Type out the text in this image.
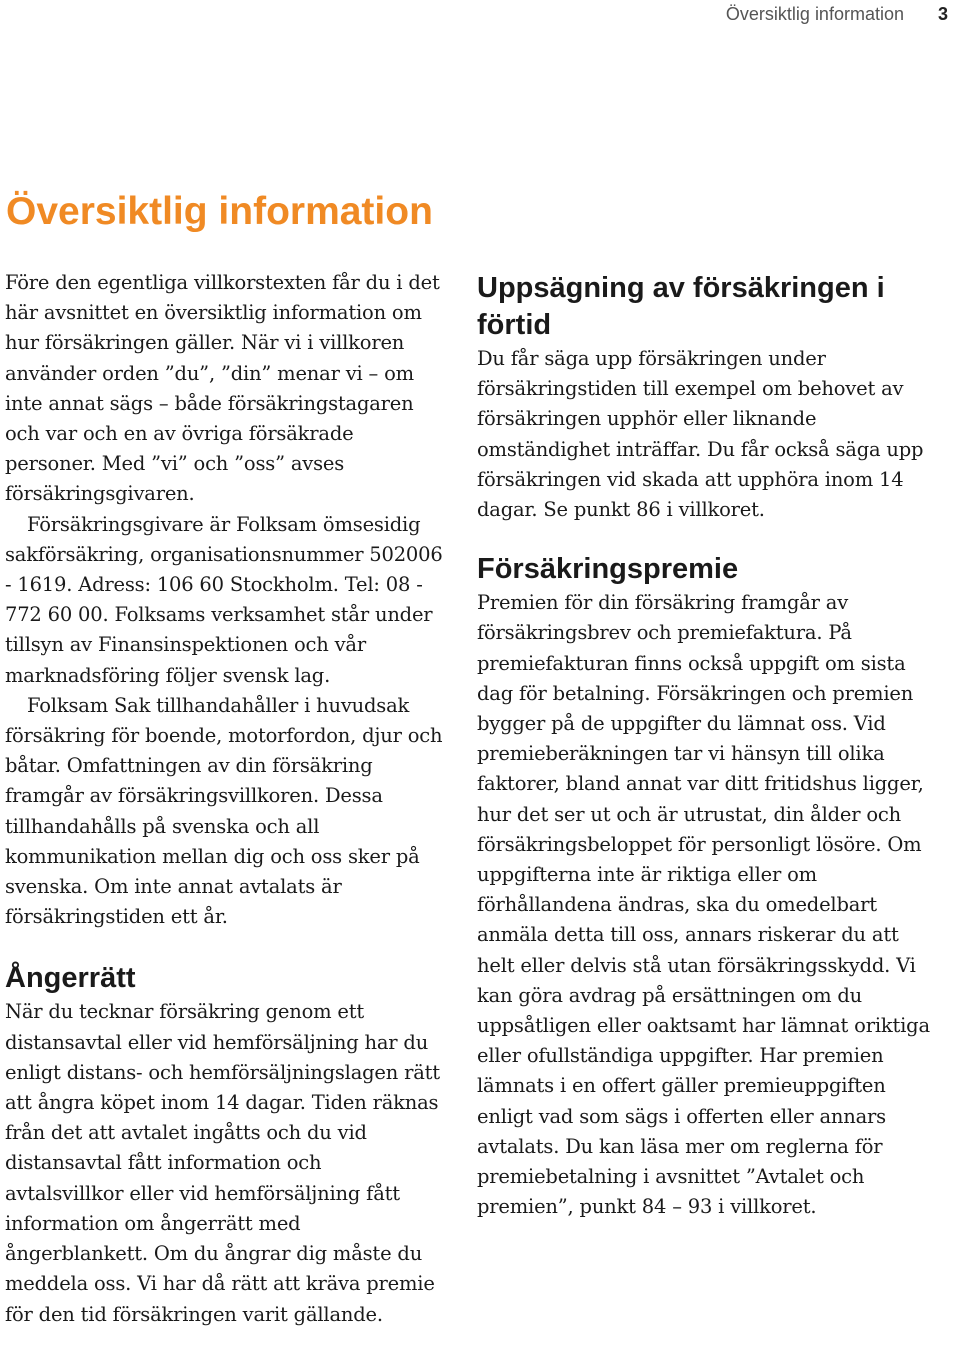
Översiktlig information 3
Översiktlig information

Före den egentliga villkorstexten får du i det här avsnittet en översiktlig information om hur försäkringen gäller. När vi i villkoren använder orden ”du”, ”din” menar vi – om inte annat sägs – både försäkringstagaren och var och en av övriga försäkrade personer. Med ”vi” och ”oss” avses försäkringsgivaren.

Försäkringsgivare är Folksam ömsesidig sakförsäkring, organisationsnummer 502006 - 1619. Adress: 106 60 Stockholm. Tel: 08 - 772 60 00. Folksams verksamhet står under tillsyn av Finansinspektionen och vår marknadsföring följer svensk lag.

Folksam Sak tillhandahåller i huvudsak försäkring för boende, motorfordon, djur och båtar. Omfattningen av din försäkring framgår av försäkringsvillkoren. Dessa tillhandahålls på svenska och all kommunikation mellan dig och oss sker på svenska. Om inte annat avtalats är försäkringstiden ett år.

Ångerrätt

När du tecknar försäkring genom ett distansavtal eller vid hemförsäljning har du enligt distans- och hemförsäljningslagen rätt att ångra köpet inom 14 dagar. Tiden räknas från det att avtalet ingåtts och du vid distansavtal fått information och avtalsvillkor eller vid hemförsäljning fått information om ångerrätt med ångerblankett. Om du ångrar dig måste du meddela oss. Vi har då rätt att kräva premie för den tid försäkringen varit gällande.

Uppsägning av försäkringen i förtid

Du får säga upp försäkringen under försäkringstiden till exempel om behovet av försäkringen upphör eller liknande omständighet inträffar. Du får också säga upp försäkringen vid skada att upphöra inom 14 dagar. Se punkt 86 i villkoret.

Försäkringspremie

Premien för din försäkring framgår av försäkringsbrev och premiefaktura. På premiefakturan finns också uppgift om sista dag för betalning. Försäkringen och premien bygger på de uppgifter du lämnat oss. Vid premieberäkningen tar vi hänsyn till olika faktorer, bland annat var ditt fritidshus ligger, hur det ser ut och är utrustat, din ålder och försäkringsbeloppet för personligt lösöre. Om uppgifterna inte är riktiga eller om förhållandena ändras, ska du omedelbart anmäla detta till oss, annars riskerar du att helt eller delvis stå utan försäkringsskydd. Vi kan göra avdrag på ersättningen om du uppsåtligen eller oaktsamt har lämnat oriktiga eller ofullständiga uppgifter. Har premien lämnats i en offert gäller premieuppgiften enligt vad som sägs i offerten eller annars avtalats. Du kan läsa mer om reglerna för premiebetalning i avsnittet ”Avtalet och premien”, punkt 84 – 93 i villkoret.
